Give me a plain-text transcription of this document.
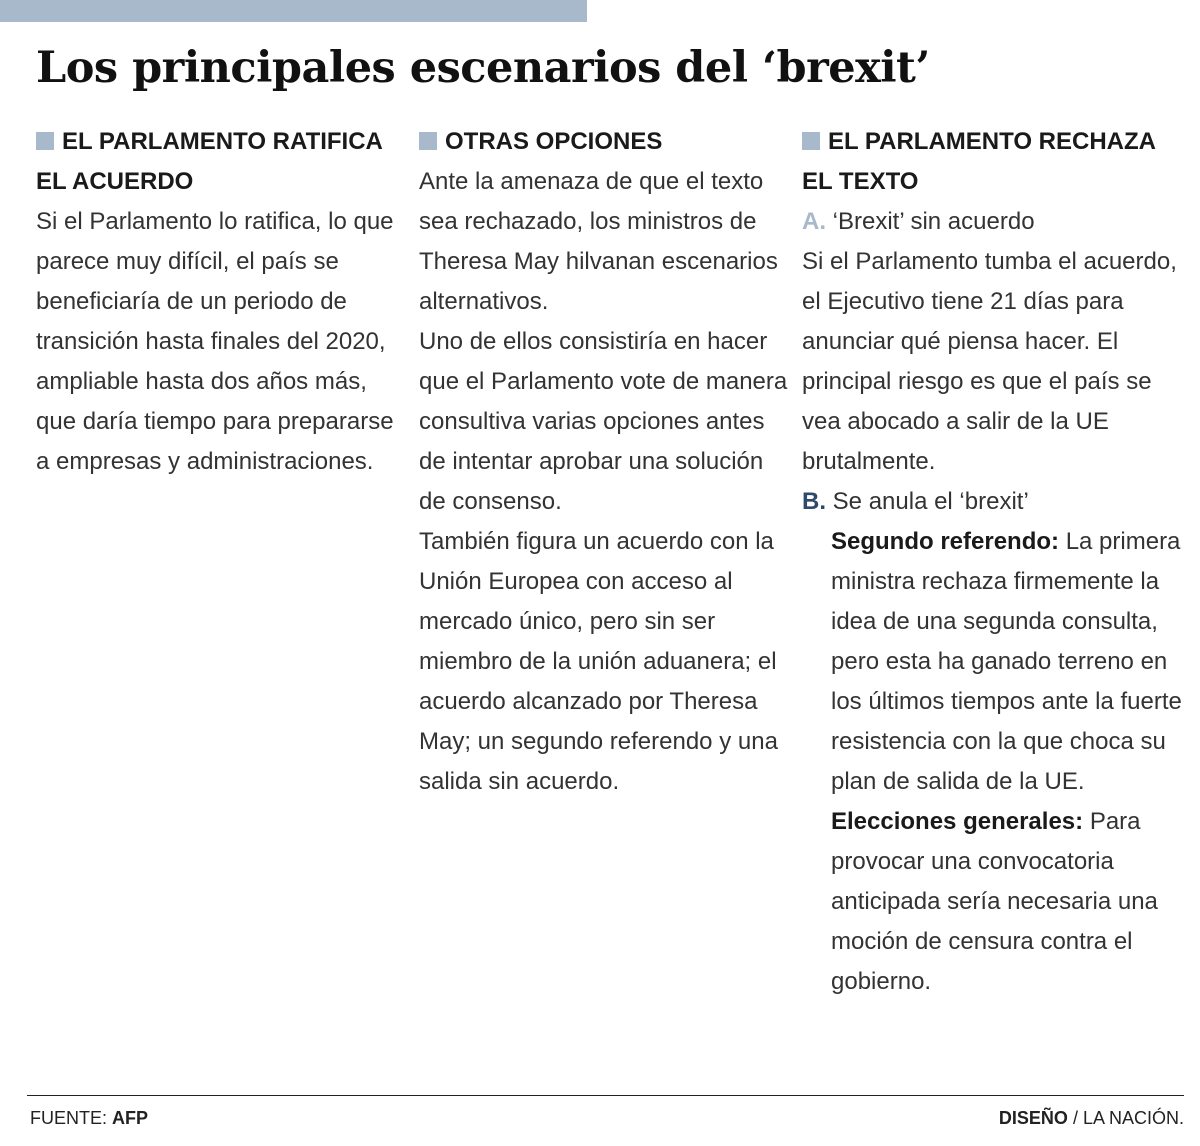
Los principales escenarios del ‘brexit’
EL PARLAMENTO RATIFICA EL ACUERDO

Si el Parlamento lo ratifica, lo que parece muy difícil, el país se beneficiaría de un periodo de transición hasta finales del 2020, ampliable hasta dos años más, que daría tiempo para prepararse a empresas y administraciones.

OTRAS OPCIONES

Ante la amenaza de que el texto sea rechazado, los ministros de Theresa May hilvanan escenarios alternativos.

Uno de ellos consistiría en hacer que el Parlamento vote de manera consultiva varias opciones antes de intentar aprobar una solución de consenso.

También figura un acuerdo con la Unión Europea con acceso al mercado único, pero sin ser miembro de la unión aduanera; el acuerdo alcanzado por Theresa May; un segundo referendo y una salida sin acuerdo.

EL PARLAMENTO RECHAZA EL TEXTO
A. ‘Brexit’ sin acuerdo

Si el Parlamento tumba el acuerdo, el Ejecutivo tiene 21 días para anunciar qué piensa hacer. El principal riesgo es que el país se vea abocado a salir de la UE brutalmente.

B. Se anula el ‘brexit’

Segundo referendo: La primera ministra rechaza firmemente la idea de una segunda consulta, pero esta ha ganado terreno en los últimos tiempos ante la fuerte resistencia con la que choca su plan de salida de la UE.

Elecciones generales: Para provocar una convocatoria anticipada sería necesaria una moción de censura contra el gobierno.

FUENTE: AFP	DISEÑO / LA NACIÓN.
